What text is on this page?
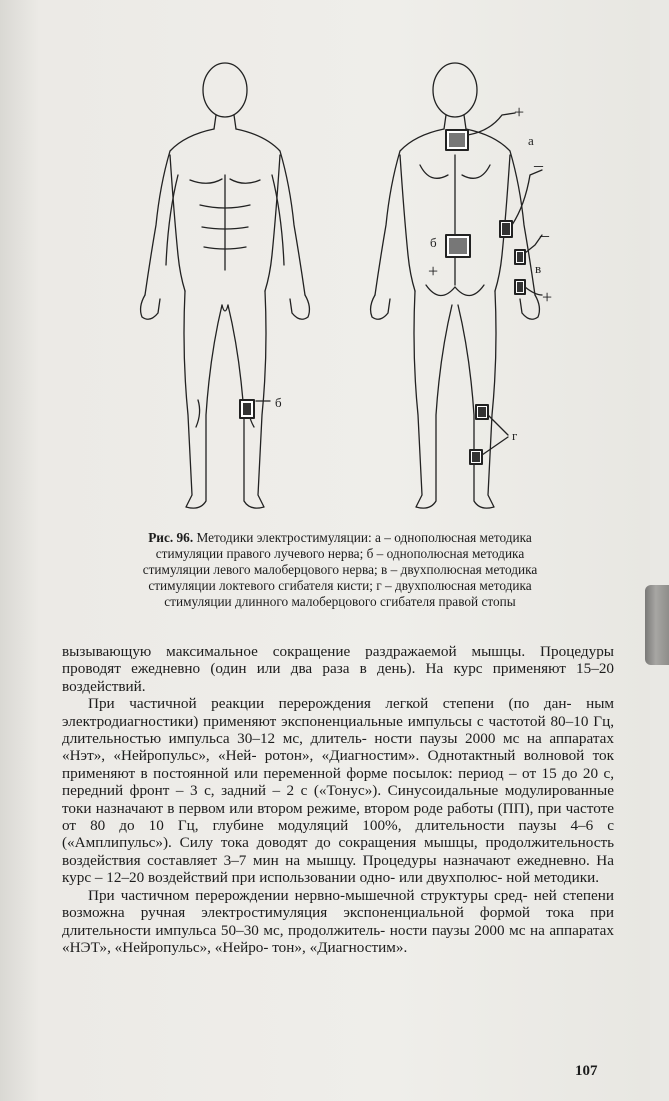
б
а
б
в
г
+
+
+
–
–
Рис. 96. Методики электростимуляции: а – однополюсная методика
стимуляции правого лучевого нерва; б – однополюсная методика
стимуляции левого малоберцового нерва; в – двухполюсная методика
стимуляции локтевого сгибателя кисти; г – двухполюсная методика
стимуляции длинного малоберцового сгибателя правой стопы

вызывающую максимальное сокращение раздражаемой мышцы. Процедуры проводят ежедневно (один или два раза в день). На курс применяют 15–20 воздействий.

При частичной реакции перерождения легкой степени (по дан- ным электродиагностики) применяют экспоненциальные импульсы с частотой 80–10 Гц, длительностью импульса 30–12 мс, длитель- ности паузы 2000 мс на аппаратах «Нэт», «Нейропульс», «Ней- ротон», «Диагностим». Однотактный волновой ток применяют в постоянной или переменной форме посылок: период – от 15 до 20 с, передний фронт – 3 с, задний – 2 с («Тонус»). Синусоидальные модулированные токи назначают в первом или втором режиме, втором роде работы (ПП), при частоте от 80 до 10 Гц, глубине модуляций 100%, длительности паузы 4–6 с («Амплипульс»). Силу тока доводят до сокращения мышцы, продолжительность воздействия составляет 3–7 мин на мышцу. Процедуры назначают ежедневно. На курс – 12–20 воздействий при использовании одно- или двухполюс- ной методики.

При частичном перерождении нервно-мышечной структуры сред- ней степени возможна ручная электростимуляция экспоненциальной формой тока при длительности импульса 50–30 мс, продолжитель- ности паузы 2000 мс на аппаратах «НЭТ», «Нейропульс», «Нейро- тон», «Диагностим».

107
